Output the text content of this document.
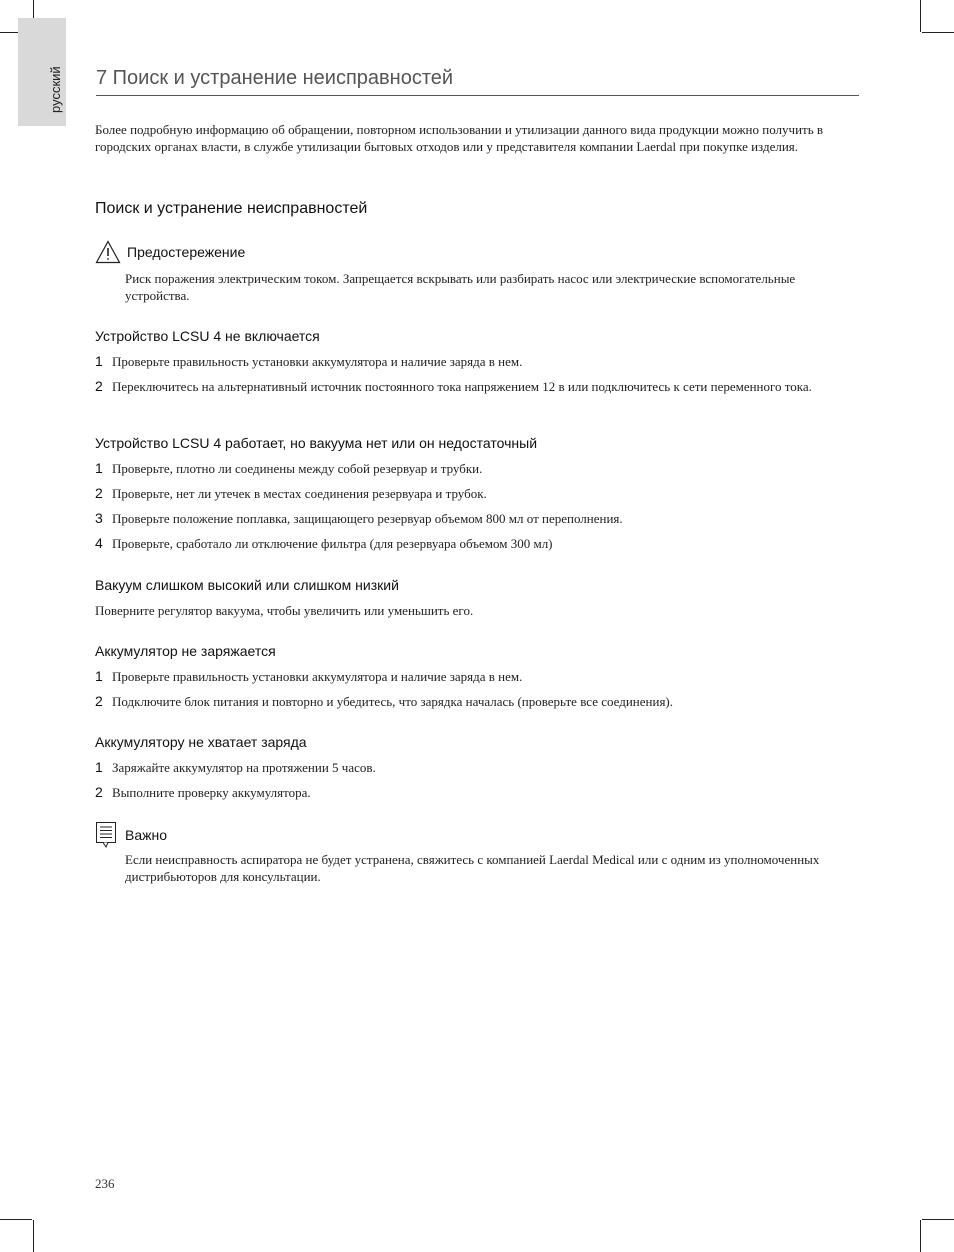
русский	7 Поиск и устранение неисправностей

Более подробную информацию об обращении, повторном использовании и утилизации данного вида продукции можно получить в городских органах власти, в службе утилизации бытовых отходов или у представителя компании Laerdal при покупке изделия.

Поиск и устранение неисправностей
Предостережение

Риск поражения электрическим током. Запрещается вскрывать или разбирать насос или электрические вспомогательные устройства.

Устройство LCSU 4 не включается
1 Проверьте правильность установки аккумулятора и наличие заряда в нем.
2 Переключитесь на альтернативный источник постоянного тока напряжением 12 в или подключитесь к сети переменного тока.
Устройство LCSU 4 работает, но вакуума нет или он недостаточный
1 Проверьте, плотно ли соединены между собой резервуар и трубки.
2 Проверьте, нет ли утечек в местах соединения резервуара и трубок.
3 Проверьте положение поплавка, защищающего резервуар объемом 800 мл от переполнения.
4 Проверьте, сработало ли отключение фильтра (для резервуара объемом 300 мл)
Вакуум слишком высокий или слишком низкий

Поверните регулятор вакуума, чтобы увеличить или уменьшить его.

Аккумулятор не заряжается
1 Проверьте правильность установки аккумулятора и наличие заряда в нем.
2 Подключите блок питания и повторно и убедитесь, что зарядка началась (проверьте все соединения).
Аккумулятору не хватает заряда
1 Заряжайте аккумулятор на протяжении 5 часов.
2 Выполните проверку аккумулятора.
Важно

Если неисправность аспиратора не будет устранена, свяжитесь с компанией Laerdal Medical или с одним из уполномоченных дистрибьюторов для консультации.

236
